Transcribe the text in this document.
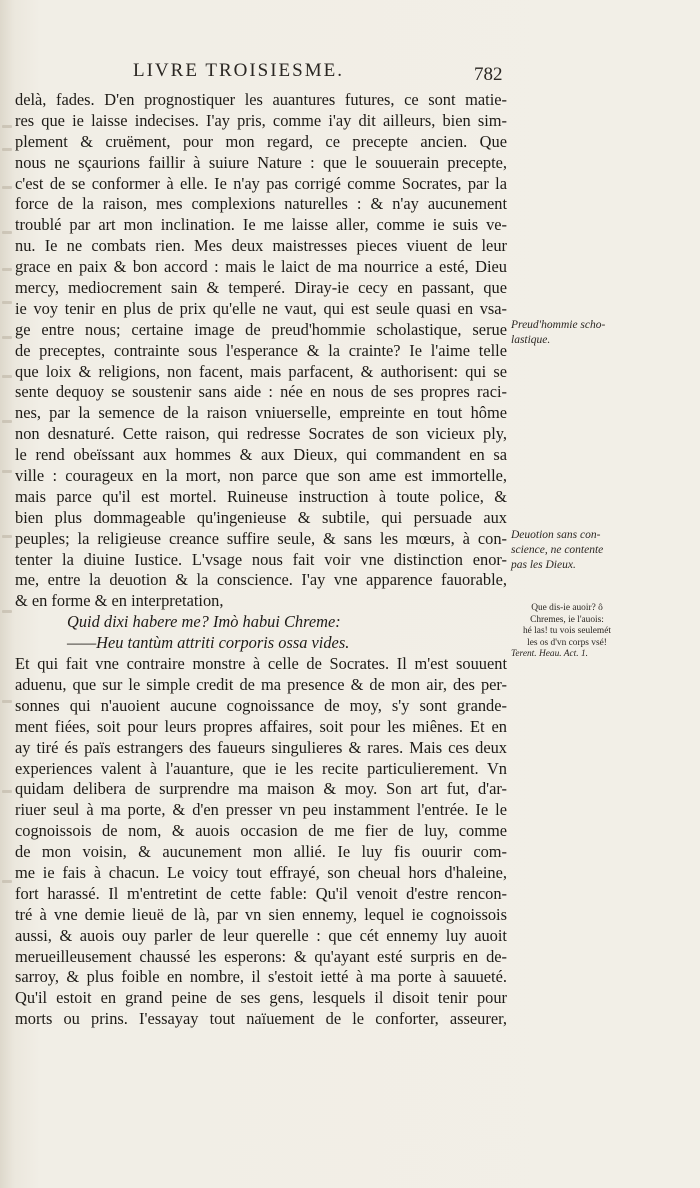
LIVRE TROISIESME.	782
delà, fades. D'en prognostiquer les auantures futures, ce sont matie-
res que ie laisse indecises. I'ay pris, comme i'ay dit ailleurs, bien sim-
plement & cruëment, pour mon regard, ce precepte ancien. Que
nous ne sçaurions faillir à suiure Nature : que le souuerain precepte,
c'est de se conformer à elle. Ie n'ay pas corrigé comme Socrates, par la
force de la raison, mes complexions naturelles : & n'ay aucunement
troublé par art mon inclination. Ie me laisse aller, comme ie suis ve-
nu. Ie ne combats rien. Mes deux maistresses pieces viuent de leur
grace en paix & bon accord : mais le laict de ma nourrice a esté, Dieu
mercy, mediocrement sain & temperé. Diray-ie cecy en passant, que
ie voy tenir en plus de prix qu'elle ne vaut, qui est seule quasi en vsa-
ge entre nous; certaine image de preud'hommie scholastique, serue
de preceptes, contrainte sous l'esperance & la crainte? Ie l'aime telle
que loix & religions, non facent, mais parfacent, & authorisent: qui se
sente dequoy se soustenir sans aide : née en nous de ses propres raci-
nes, par la semence de la raison vniuerselle, empreinte en tout hôme
non desnaturé. Cette raison, qui redresse Socrates de son vicieux ply,
le rend obeïssant aux hommes & aux Dieux, qui commandent en sa
ville : courageux en la mort, non parce que son ame est immortelle,
mais parce qu'il est mortel. Ruineuse instruction à toute police, &
bien plus dommageable qu'ingenieuse & subtile, qui persuade aux
peuples; la religieuse creance suffire seule, & sans les mœurs, à con-
tenter la diuine Iustice. L'vsage nous fait voir vne distinction enor-
me, entre la deuotion & la conscience. I'ay vne apparence fauorable,
& en forme & en interpretation,
Quid dixi habere me? Imò habui Chreme:
——Heu tantùm attriti corporis ossa vides.
Et qui fait vne contraire monstre à celle de Socrates. Il m'est souuent
aduenu, que sur le simple credit de ma presence & de mon air, des per-
sonnes qui n'auoient aucune cognoissance de moy, s'y sont grande-
ment fiées, soit pour leurs propres affaires, soit pour les miênes. Et en
ay tiré és païs estrangers des faueurs singulieres & rares. Mais ces deux
experiences valent à l'auanture, que ie les recite particulierement. Vn
quidam delibera de surprendre ma maison & moy. Son art fut, d'ar-
riuer seul à ma porte, & d'en presser vn peu instamment l'entrée. Ie le
cognoissois de nom, & auois occasion de me fier de luy, comme
de mon voisin, & aucunement mon allié. Ie luy fis ouurir com-
me ie fais à chacun. Le voicy tout effrayé, son cheual hors d'haleine,
fort harassé. Il m'entretint de cette fable: Qu'il venoit d'estre rencon-
tré à vne demie lieuë de là, par vn sien ennemy, lequel ie cognoissois
aussi, & auois ouy parler de leur querelle : que cét ennemy luy auoit
merueilleusement chaussé les esperons: & qu'ayant esté surpris en de-
sarroy, & plus foible en nombre, il s'estoit ietté à ma porte à sauueté.
Qu'il estoit en grand peine de ses gens, lesquels il disoit tenir pour
morts ou prins. I'essayay tout naïuement de le conforter, asseurer,
Preud'hommie scho-
lastique.
Deuotion sans con-
science, ne contente
pas les Dieux.
Que dis-ie auoir? ô
Chremes, ie l'auois:
hé las! tu vois seulemét
les os d'vn corps vsé!
Terent. Heau. Act. 1.
